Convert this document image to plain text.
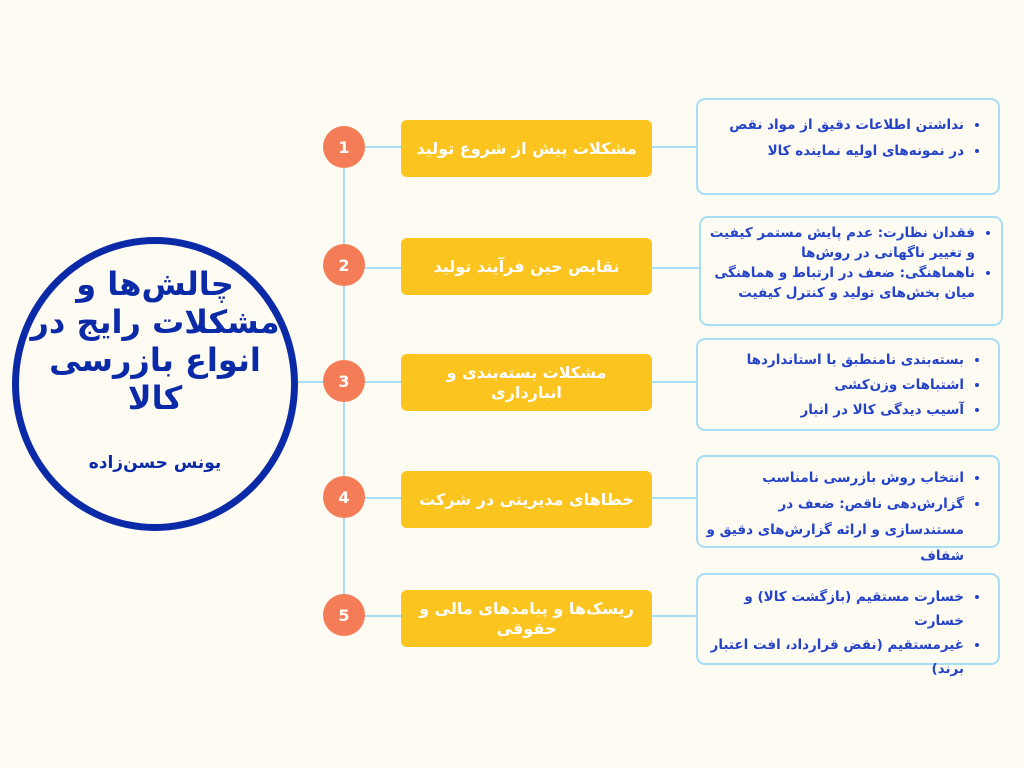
چالش‌ها و مشکلات رایج در انواع بازرسی کالا
یونس حسن‌زاده
1	مشکلات پیش از شروع تولید
• نداشتن اطلاعات دقیق از مواد نقص
• در نمونه‌های اولیه نماینده کالا
2	نقایص حین فرآیند تولید
• فقدان نظارت: عدم پایش مستمر کیفیت و تغییر ناگهانی در روش‌ها
• ناهماهنگی: ضعف در ارتباط و هماهنگی میان بخش‌های تولید و کنترل کیفیت
3	مشکلات بسته‌بندی و انبارداری
• بسته‌بندی نامنطبق با استانداردها
• اشتباهات وزن‌کشی
• آسیب دیدگی کالا در انبار
4	خطاهای مدیریتی در شرکت
• انتخاب روش بازرسی نامناسب
• گزارش‌دهی ناقص: ضعف در مستندسازی و ارائه گزارش‌های دقیق و شفاف
5	ریسک‌ها و پیامدهای مالی و حقوقی
• خسارت مستقیم (بازگشت کالا) و خسارت
• غیرمستقیم (نقض قرارداد، افت اعتبار برند)
